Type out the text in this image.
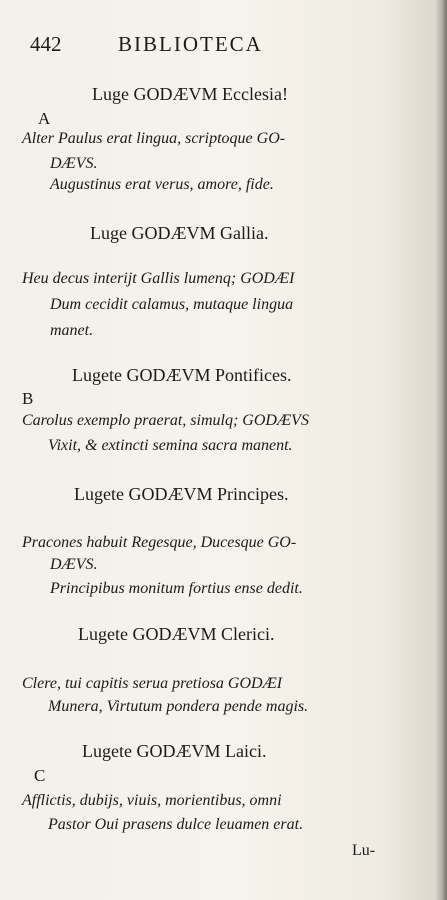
442	BIBLIOTECA
Luge GODÆVM Ecclesia!
A
Alter Paulus erat lingua, scriptoque GO-
DÆVS.
Augustinus erat verus, amore, fide.
Luge GODÆVM Gallia.
Heu decus interijt Gallis lumenq; GODÆI
Dum cecidit calamus, mutaque lingua
manet.
Lugete GODÆVM Pontifices.
B
Carolus exemplo praerat, simulq; GODÆVS
Vixit, & extincti semina sacra manent.
Lugete GODÆVM Principes.
Pracones habuit Regesque, Ducesque GO-
DÆVS.
Principibus monitum fortius ense dedit.
Lugete GODÆVM Clerici.
Clere, tui capitis serua pretiosa GODÆI
Munera, Virtutum pondera pende magis.
Lugete GODÆVM Laici.
C
Afflictis, dubijs, viuis, morientibus, omni
Pastor Oui prasens dulce leuamen erat.
Lu-
